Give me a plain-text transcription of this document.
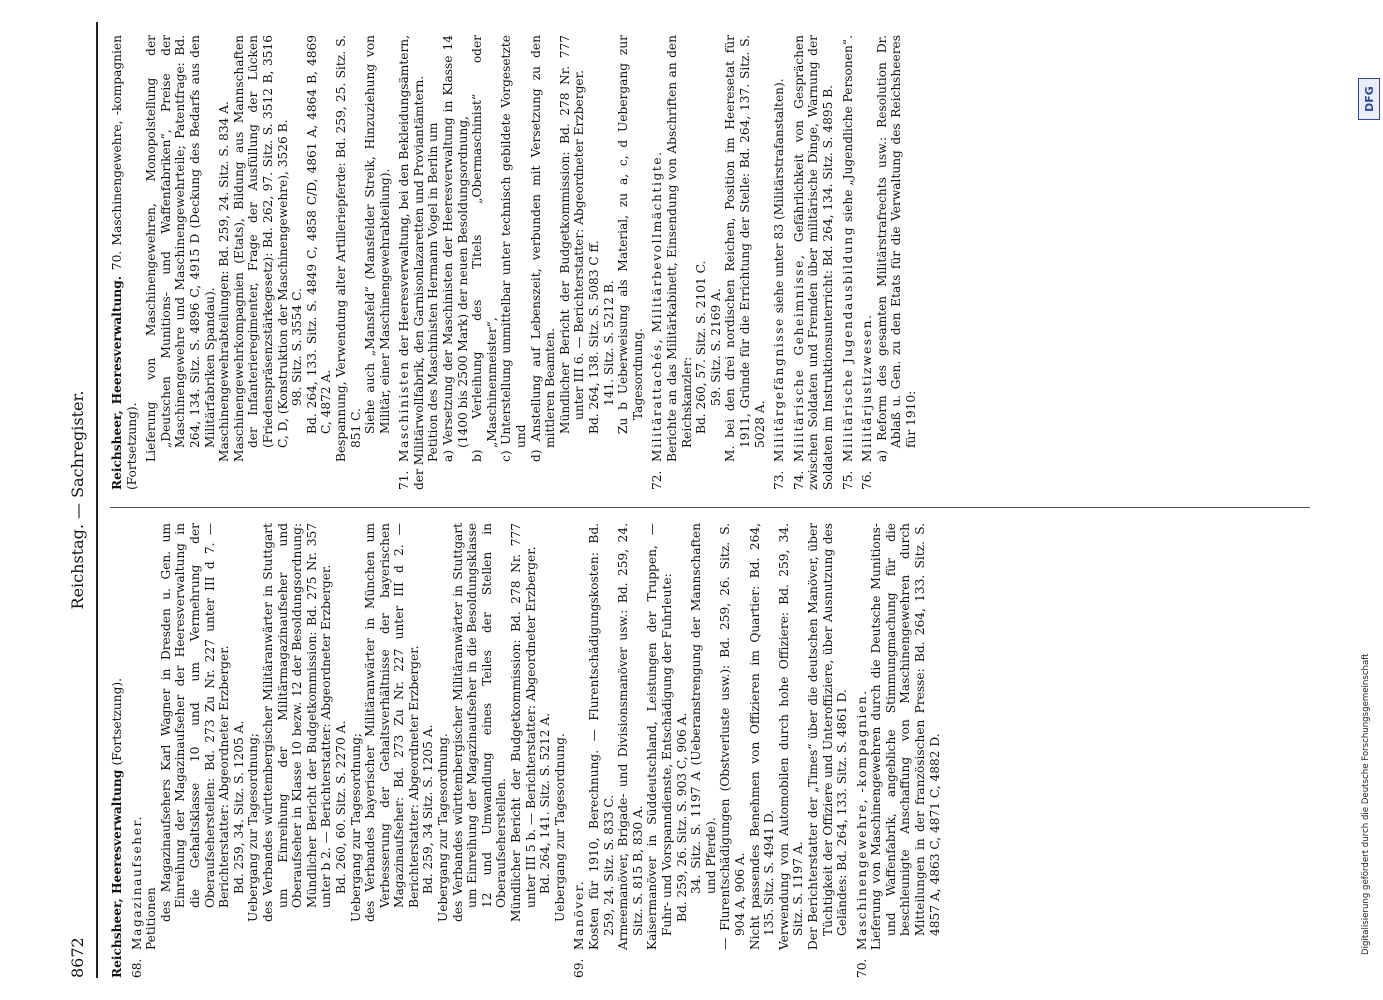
8672
Reichstag. — Sachregister.
Reichsheer, Heeresverwaltung (Fortsetzung).
68.Magazinaufseher. Petitionen des Magazinaufsehers Karl Wagner in Dresden u. Gen. um Einreihung der Magazinaufseher der Heeresverwaltung in die Gehaltsklasse 10 und um Vermehrung der Oberaufseherstellen: Bd. 273 Zu Nr. 227 unter III d 7. — Berichterstatter: Abgeordneter Erzberger. Bd. 259, 34. Sitz. S. 1205 A. Uebergang zur Tagesordnung; des Verbandes württembergischer Militäranwärter in Stuttgart um Einreihung der Militärmagazinaufseher und Oberaufseher in Klasse 10 bezw. 12 der Besoldungsordnung: Mündlicher Bericht der Budgetkommission: Bd. 275 Nr. 357 unter b 2. — Berichterstatter: Abgeordneter Erzberger. Bd. 260, 60. Sitz. S. 2270 A. Uebergang zur Tagesordnung; des Verbandes bayerischer Militäranwärter in München um Verbesserung der Gehaltsverhältnisse der bayerischen Magazinaufseher: Bd. 273 Zu Nr. 227 unter III d 2. — Berichterstatter: Abgeordneter Erzberger. Bd. 259, 34 Sitz. S. 1205 A. Uebergang zur Tagesordnung. des Verbandes württembergischer Militäranwärter in Stuttgart um Einreihung der Magazinaufseher in die Besoldungsklasse 12 und Umwandlung eines Teiles der Stellen in Oberaufseherstellen. Mündlicher Bericht der Budgetkommission: Bd. 278 Nr. 777 unter III 5 b. — Berichterstatter: Abgeordneter Erzberger. Bd. 264, 141. Sitz. S. 5212 A. Uebergang zur Tagesordnung.
69.Manöver. Kosten für 1910, Berechnung. — Flurentschädigungskosten: Bd. 259, 24. Sitz. S. 833 C. Armeemanöver, Brigade- und Divisionsmanöver usw.: Bd. 259, 24. Sitz. S. 815 B, 830 A. Kaisermanöver in Süddeutschland, Leistungen der Truppen, — Fuhr- und Vorspanndienste, Entschädigung der Fuhrleute: Bd. 259, 26. Sitz. S. 903 C, 906 A. 34. Sitz. S. 1197 A (Ueberanstrengung der Mannschaften und Pferde). — Flurentschädigungen (Obstverluste usw.): Bd. 259, 26. Sitz. S. 904 A, 906 A. Nicht passendes Benehmen von Offizieren im Quartier: Bd. 264, 135. Sitz. S. 4941 D. Verwendung von Automobilen durch hohe Offiziere: Bd. 259, 34. Sitz. S. 1197 A. Der Berichterstatter der „Times“ über die deutschen Manöver, über Tüchtigkeit der Offiziere und Unteroffiziere, über Ausnutzung des Geländes: Bd. 264, 133. Sitz. S. 4861 D.
70.Maschinengewehre, -kompagnien. Lieferung von Maschinengewehren durch die Deutsche Munitions- und Waffenfabrik, angebliche Stimmungmachung für die beschleunigte Anschaffung von Maschinengewehren durch Mitteilungen in der französischen Presse: Bd. 264, 133. Sitz. S. 4857 A, 4863 C, 4871 C, 4882 D.
Reichsheer, Heeresverwaltung. 70. Maschinengewehre, -kompagnien (Fortsetzung). Lieferung von Maschinengewehren, Monopolstellung der „Deutschen Munitions- und Waffenfabriken“, Preise der Maschinengewehre und Maschinengewehrteile; Patentfrage: Bd. 264, 134. Sitz. S. 4896 C, 4915 D (Deckung des Bedarfs aus den Militärfabriken Spandau). Maschinengewehrabteilungen: Bd. 259, 24. Sitz. S. 834 A. Maschinengewehrkompagnien (Etats), Bildung aus Mannschaften der Infanterieregimenter, Frage der Ausfüllung der Lücken (Friedenspräsenzstärkegesetz): Bd. 262, 97. Sitz. S. 3512 B, 3516 C, D, (Konstruktion der Maschinengewehre), 3526 B. 98. Sitz. S. 3554 C. Bd. 264, 133. Sitz. S. 4849 C, 4858 C/D, 4861 A, 4864 B, 4869 C, 4872 A. Bespannung, Verwendung alter Artilleriepferde: Bd. 259, 25. Sitz. S. 851 C. Siehe auch „Mansfeld“ (Mansfelder Streik, Hinzuziehung von Militär, einer Maschinengewehrabteilung).
71.Maschinisten der Heeresverwaltung, bei den Bekleidungsämtern, der Militärwollfabrik, den Garnisonlazaretten und Proviantämtern. Petition des Maschinisten Hermann Vogel in Berlin um a) Versetzung der Maschinisten der Heeresverwaltung in Klasse 14 (1400 bis 2500 Mark) der neuen Besoldungsordnung, b) Verleihung des Titels „Obermaschinist“ oder „Maschinenmeister“, c) Unterstellung unmittelbar unter technisch gebildete Vorgesetzte und d) Anstellung auf Lebenszeit, verbunden mit Versetzung zu den mittleren Beamten. Mündlicher Bericht der Budgetkommission: Bd. 278 Nr. 777 unter III 6. — Berichterstatter: Abgeordneter Erzberger. Bd. 264, 138. Sitz. S. 5083 C ff. 141. Sitz. S. 5212 B. Zu b Ueberweisung als Material, zu a, c, d Uebergang zur Tagesordnung.
72.Militärattachés, Militärbevollmächtigte. Berichte an das Militärkabinett, Einsendung von Abschriften an den Reichskanzler: Bd. 260, 57. Sitz. S. 2101 C. 59. Sitz. S. 2169 A. M. bei den drei nordischen Reichen, Position im Heeresetat für 1911, Gründe für die Errichtung der Stelle: Bd. 264, 137. Sitz. S. 5028 A.
73.Militärgefängnisse siehe unter 83 (Militärstrafanstalten).
74.Militärische Geheimnisse, Gefährlichkeit von Gesprächen zwischen Soldaten und Fremden über militärische Dinge, Warnung der Soldaten im Instruktionsunterricht: Bd. 264, 134. Sitz. S. 4895 B. 75.Militärische Jugendausbildung siehe „Jugendliche Personen“.
76.Militärjustizwesen. a) Reform des gesamten Militärstrafrechts usw.: Resolution Dr. Ablaß u. Gen. zu den Etats für die Verwaltung des Reichsheeres für 1910:
Digitalisierung gefördert durch die Deutsche Forschungsgemeinschaft
DFG
